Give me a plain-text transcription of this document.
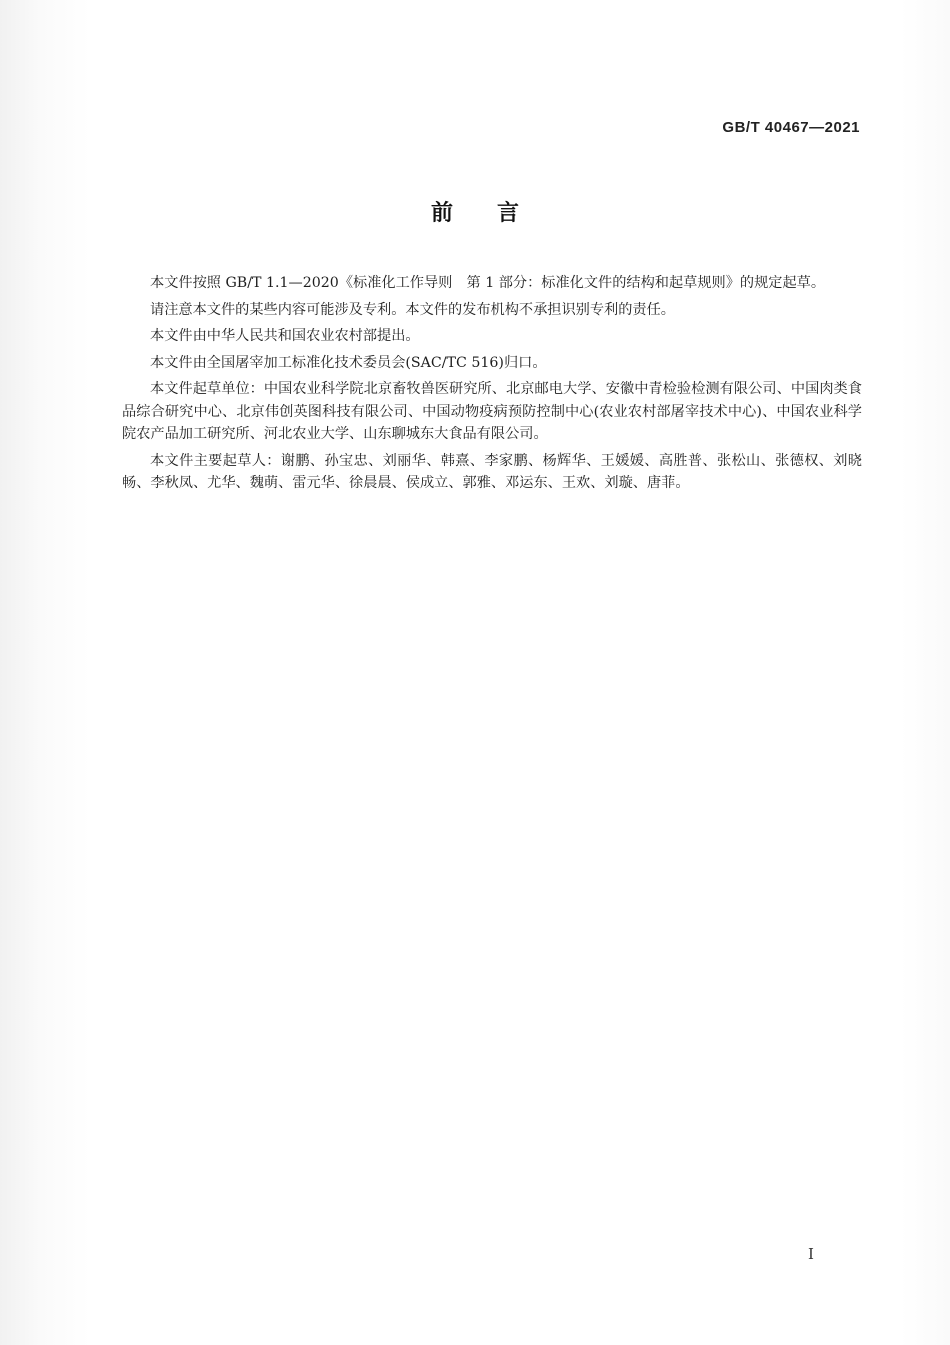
GB/T 40467—2021
前言

本文件按照 GB/T 1.1—2020《标准化工作导则　第 1 部分：标准化文件的结构和起草规则》的规定起草。

请注意本文件的某些内容可能涉及专利。本文件的发布机构不承担识别专利的责任。

本文件由中华人民共和国农业农村部提出。

本文件由全国屠宰加工标准化技术委员会(SAC/TC 516)归口。

本文件起草单位：中国农业科学院北京畜牧兽医研究所、北京邮电大学、安徽中青检验检测有限公司、中国肉类食品综合研究中心、北京伟创英图科技有限公司、中国动物疫病预防控制中心(农业农村部屠宰技术中心)、中国农业科学院农产品加工研究所、河北农业大学、山东聊城东大食品有限公司。

本文件主要起草人：谢鹏、孙宝忠、刘丽华、韩熹、李家鹏、杨辉华、王媛媛、高胜普、张松山、张德权、刘晓畅、李秋凤、尤华、魏萌、雷元华、徐晨晨、侯成立、郭雅、邓运东、王欢、刘璇、唐菲。

I
